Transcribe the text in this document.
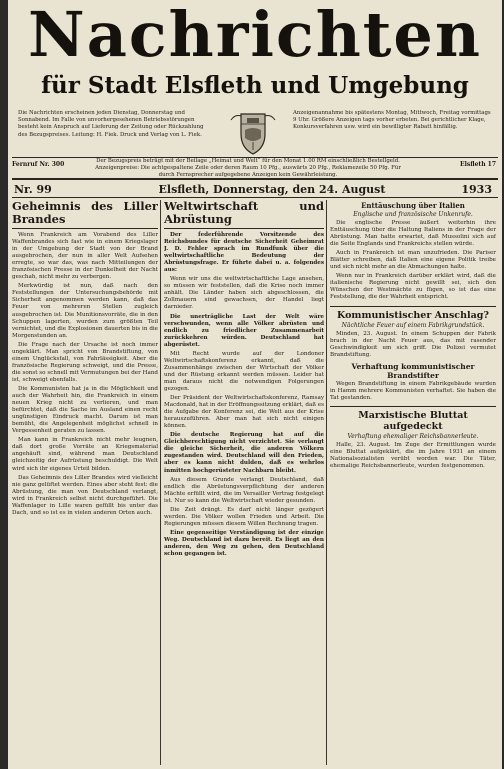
Nachrichten
für Stadt Elsfleth und Umgebung
Die Nachrichten erscheinen jeden Dienstag, Donnerstag und Sonnabend. Im Falle von unvorhergesehenen Betriebsstörungen besteht kein Anspruch auf Lieferung der Zeitung oder Rückzahlung des Bezugspreises. Leitung: H. Fiek. Druck und Verlag von L. Fiek.
Anzeigenannahme bis spätestens Montag, Mittwoch, Freitag vormittags 9 Uhr. Größere Anzeigen tags vorher erbeten. Bei gerichtlicher Klage, Konkursverfahren usw. wird ein bewilligter Rabatt hinfällig.
Fernruf Nr. 300	Der Bezugspreis beträgt mit der Beilage „Heimat und Welt“ für den Monat 1.00 RM einschließlich Bestellgeld. Anzeigenpreise: Die achtgespaltene Zeile oder deren Raum 10 Pfg., auswärts 20 Pfg., Reklamezeile 50 Pfg. Für durch Fernsprecher aufgegebene Anzeigen kein Gewährleistung.
Elsfleth 17
Nr. 99	Elsfleth, Donnerstag, den 24. August	1933
Geheimnis des Liller Brandes

Wenn Frankreich am Vorabend des Liller Waffenbrandes sich fast wie in einem Kriegslager in der Umgebung der Stadt von der Brand ausgebrochen, der nun in aller Welt Aufsehen erregte, so war das, was nach Mitteilungen der französischen Presse in der Dunkelheit der Nacht geschah, nicht mehr zu verbergen.

Merkwürdig ist nun, daß nach den Feststellungen der Untersuchungsbehörde mit Sicherheit angenommen werden kann, daß das Feuer von mehreren Stellen zugleich ausgebrochen ist. Die Munitionsvorräte, die in den Schuppen lagerten, wurden zum größten Teil vernichtet, und die Explosionen dauerten bis in die Morgenstunden an.

Die Frage nach der Ursache ist noch immer ungeklärt. Man spricht von Brandstiftung, von einem Unglücksfall, von Fahrlässigkeit. Aber die französische Regierung schweigt, und die Presse, die sonst so schnell mit Vermutungen bei der Hand ist, schweigt ebenfalls.

Die Kommunisten hat ja in die Möglichkeit und auch der Wahrheit hin, die Frankreich in einem neuen Krieg nicht zu verlieren, und man befürchtet, daß die Sache im Ausland einen recht ungünstigen Eindruck macht. Darum ist man bemüht, die Angelegenheit möglichst schnell in Vergessenheit geraten zu lassen.

Man kann in Frankreich nicht mehr leugnen, daß dort große Vorräte an Kriegsmaterial angehäuft sind, während man Deutschland gleichzeitig der Aufrüstung beschuldigt. Die Welt wird sich ihr eigenes Urteil bilden.

Das Geheimnis des Liller Brandes wird vielleicht nie ganz gelüftet werden. Eines aber steht fest: die Abrüstung, die man von Deutschland verlangt, wird in Frankreich selbst nicht durchgeführt. Die Waffenlager in Lille waren gefüllt bis unter das Dach, und so ist es in vielen anderen Orten auch.

Weltwirtschaft und Abrüstung

Der federführende Vorsitzende des Reichsbundes für deutsche Sicherheit Geheimrat J. D. Fehler sprach im Rundfunk über die weltwirtschaftliche Bedeutung der Abrüstungsfrage. Er führte dabei u. a. folgendes aus:

Wenn wir uns die weltwirtschaftliche Lage ansehen, so müssen wir feststellen, daß die Krise noch immer anhält. Die Länder haben sich abgeschlossen, die Zollmauern sind gewachsen, der Handel liegt darnieder.

Die unerträgliche Last der Welt wäre verschwunden, wenn alle Völker abrüsten und endlich zu friedlicher Zusammenarbeit zurückkehren würden. Deutschland hat abgerüstet.

Mit Recht wurde auf der Londoner Weltwirtschaftskonferenz erkannt, daß die Zusammenhänge zwischen der Wirtschaft der Völker und der Rüstung erkannt werden müssen. Leider hat man daraus nicht die notwendigen Folgerungen gezogen.

Der Präsident der Weltwirtschaftskonferenz, Ramsay Macdonald, hat in der Eröffnungssitzung erklärt, daß es die Aufgabe der Konferenz sei, die Welt aus der Krise herauszuführen. Aber man hat sich nicht einigen können.

Die deutsche Regierung hat auf die Gleichberechtigung nicht verzichtet. Sie verlangt die gleiche Sicherheit, die anderen Völkern zugestanden wird. Deutschland will den Frieden, aber es kann nicht dulden, daß es wehrlos inmitten hochgerüsteter Nachbarn bleibt.

Aus diesem Grunde verlangt Deutschland, daß endlich die Abrüstungsverpflichtung der anderen Mächte erfüllt wird, die im Versailler Vertrag festgelegt ist. Nur so kann die Weltwirtschaft wieder gesunden.

Die Zeit drängt. Es darf nicht länger gezögert werden. Die Völker wollen Frieden und Arbeit. Die Regierungen müssen diesem Willen Rechnung tragen.

Eine gegenseitige Verständigung ist der einzige Weg. Deutschland ist dazu bereit. Es liegt an den anderen, den Weg zu gehen, den Deutschland schon gegangen ist.

Enttäuschung über Italien
Englische und französische Unkenrufe.

Die englische Presse äußert weiterhin ihre Enttäuschung über die Haltung Italiens in der Frage der Abrüstung. Man hatte erwartet, daß Mussolini sich auf die Seite Englands und Frankreichs stellen würde.

Auch in Frankreich ist man unzufrieden. Die Pariser Blätter schreiben, daß Italien eine eigene Politik treibe und sich nicht mehr an die Abmachungen halte.

Wenn nur in Frankreich darüber erklärt wird, daß die italienische Regierung nicht gewillt sei, sich den Wünschen der Westmächte zu fügen, so ist das eine Feststellung, die der Wahrheit entspricht.

Kommunistischer Anschlag?
Nächtliche Feuer auf einem Fabrikgrundstück.

Minden, 23. August. In einem Schuppen der Fabrik brach in der Nacht Feuer aus, das mit rasender Geschwindigkeit um sich griff. Die Polizei vermutet Brandstiftung.

Verhaftung kommunistischer Brandstifter

Wegen Brandstiftung in einem Fabrikgebäude wurden in Hamm mehrere Kommunisten verhaftet. Sie haben die Tat gestanden.

Marxistische Bluttat aufgedeckt
Verhaftung ehemaliger Reichsbannerleute.

Halle, 23. August. Im Zuge der Ermittlungen wurde eine Bluttat aufgeklärt, die im Jahre 1931 an einem Nationalsozialisten verübt worden war. Die Täter, ehemalige Reichsbannerleute, wurden festgenommen.
